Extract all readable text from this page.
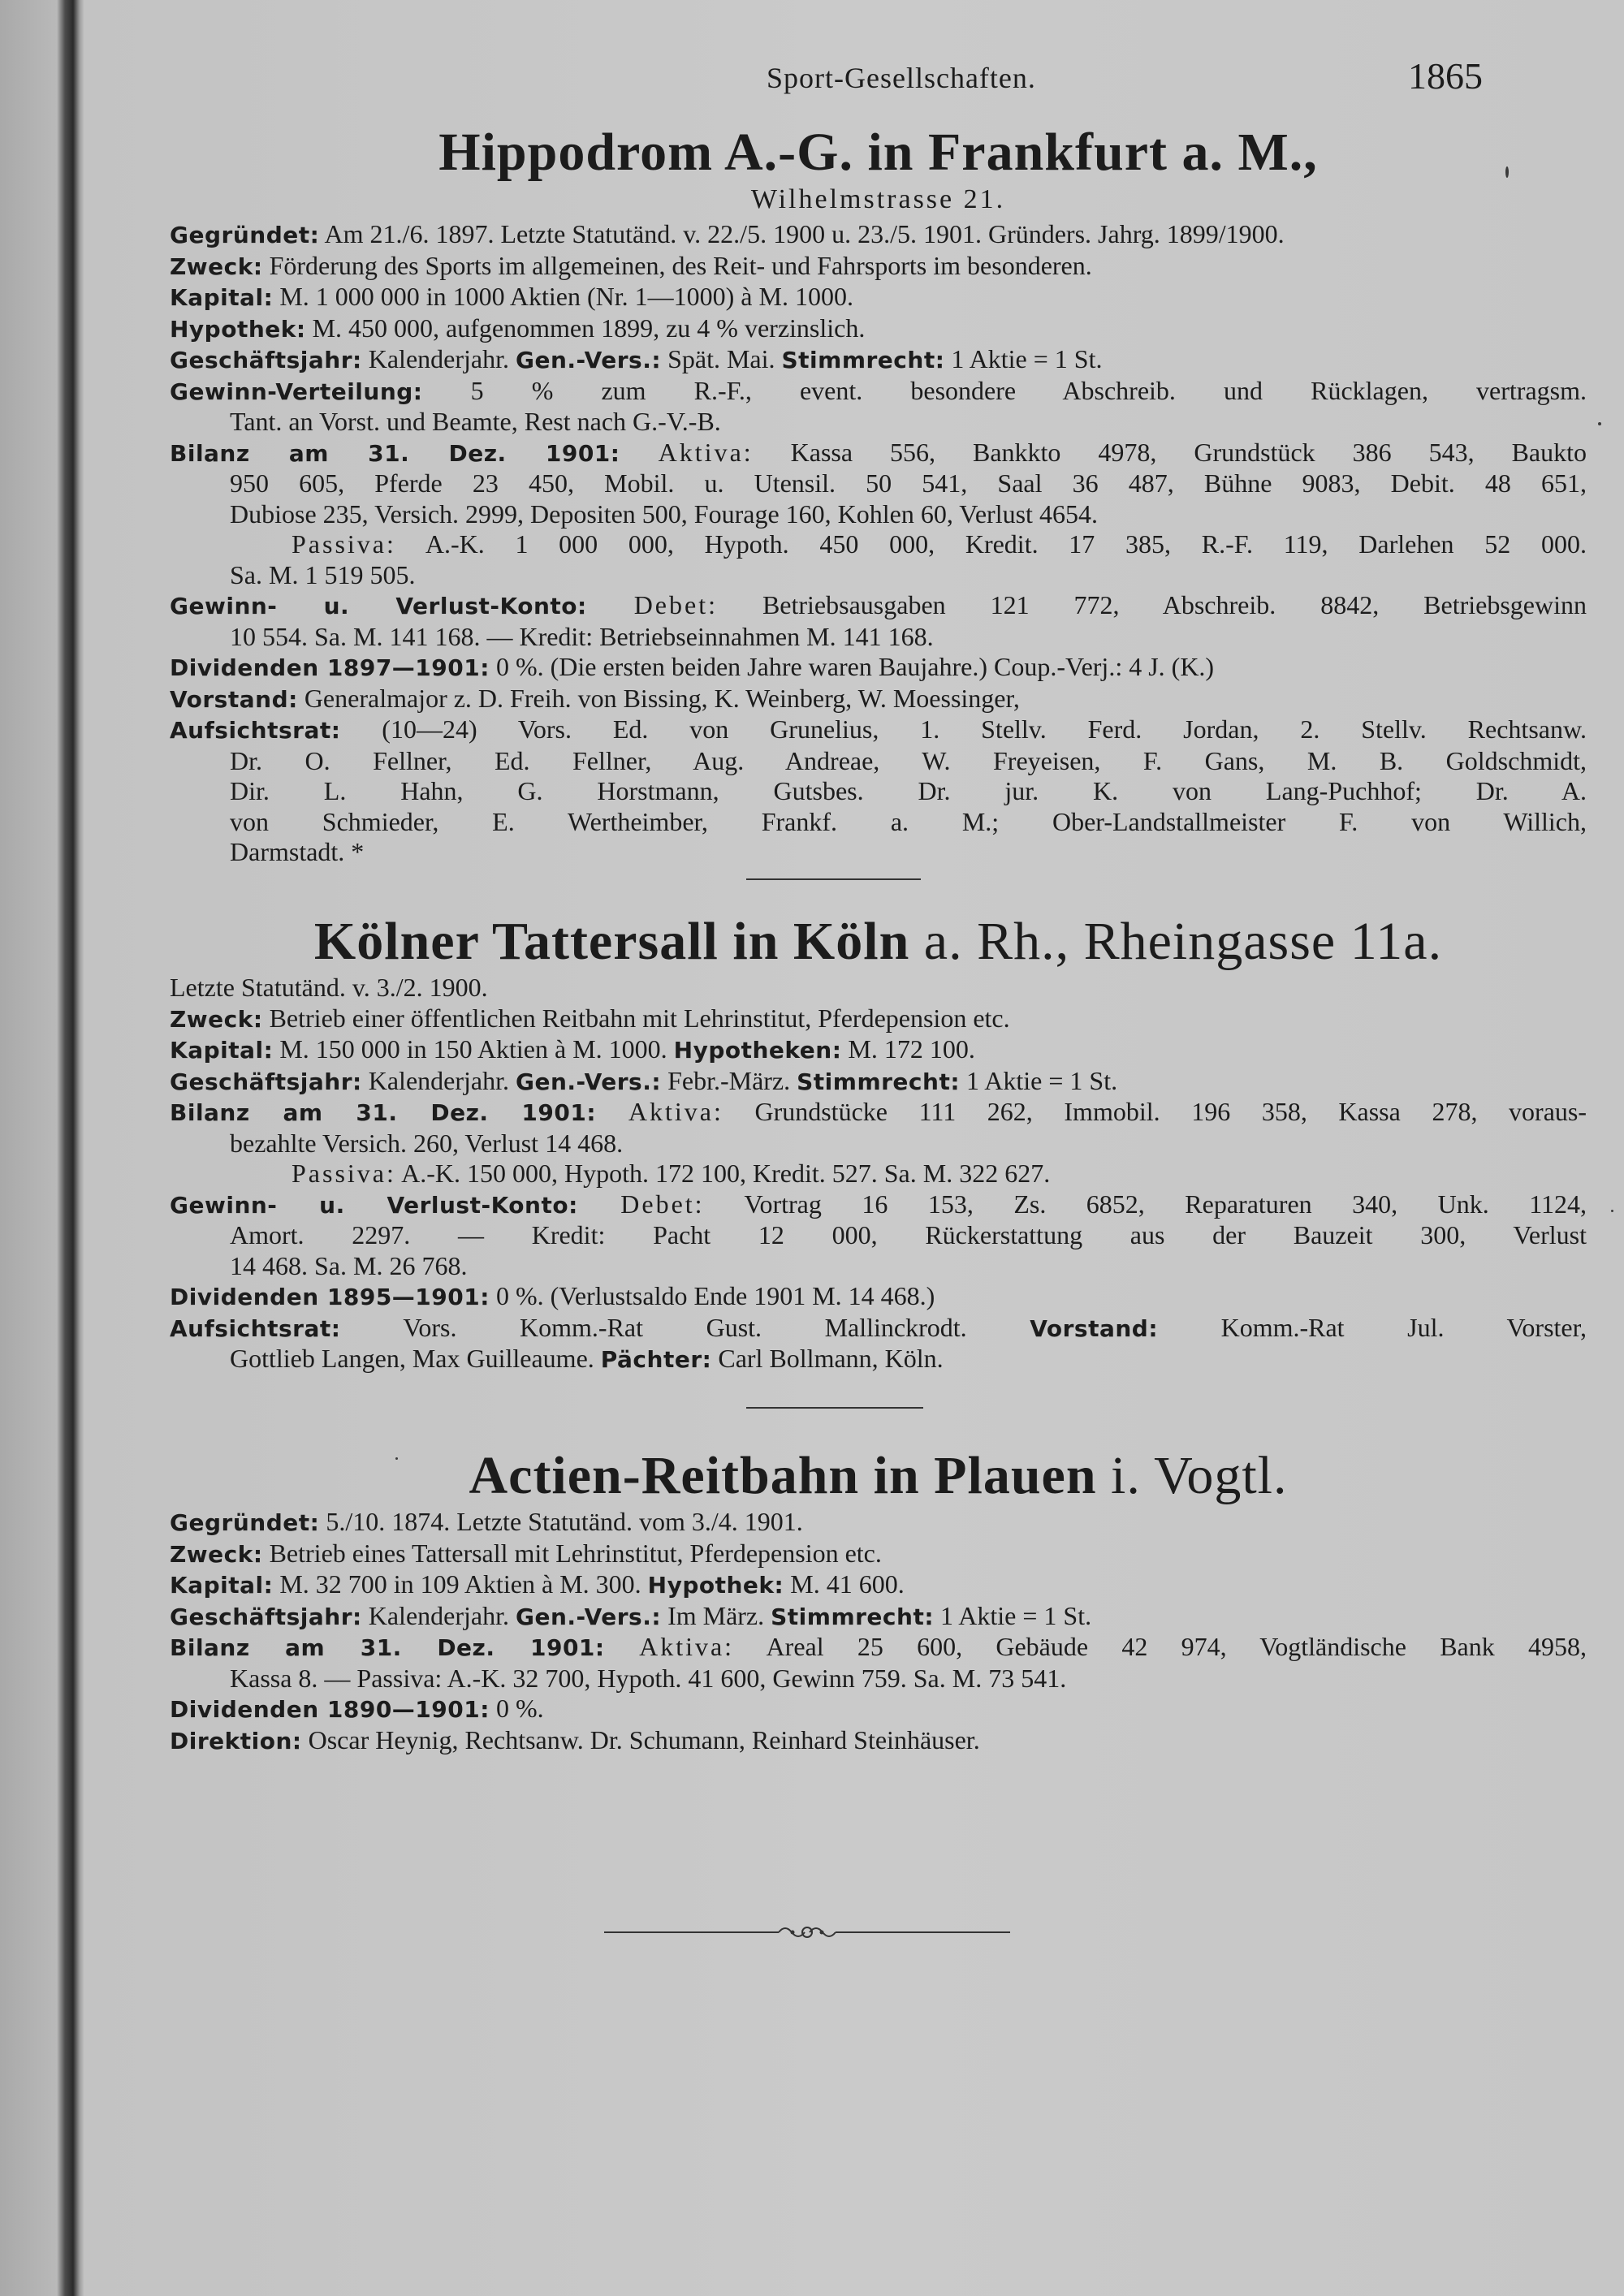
Sport-Gesellschaften.	1865
Hippodrom A.-G. in Frankfurt a. M.,
Wilhelmstrasse 21.
Gegründet: Am 21./6. 1897. Letzte Statutänd. v. 22./5. 1900 u. 23./5. 1901. Gründers. Jahrg. 1899/1900.
Zweck: Förderung des Sports im allgemeinen, des Reit- und Fahrsports im besonderen.
Kapital: M. 1 000 000 in 1000 Aktien (Nr. 1—1000) à M. 1000.
Hypothek: M. 450 000, aufgenommen 1899, zu 4 % verzinslich.
Geschäftsjahr: Kalenderjahr. Gen.-Vers.: Spät. Mai. Stimmrecht: 1 Aktie = 1 St.
Gewinn-Verteilung: 5 % zum R.-F., event. besondere Abschreib. und Rücklagen, vertragsm.
Tant. an Vorst. und Beamte, Rest nach G.-V.-B.
Bilanz am 31. Dez. 1901: Aktiva: Kassa 556, Bankkto 4978, Grundstück 386 543, Baukto
950 605, Pferde 23 450, Mobil. u. Utensil. 50 541, Saal 36 487, Bühne 9083, Debit. 48 651,
Dubiose 235, Versich. 2999, Depositen 500, Fourage 160, Kohlen 60, Verlust 4654.
Passiva: A.-K. 1 000 000, Hypoth. 450 000, Kredit. 17 385, R.-F. 119, Darlehen 52 000.
Sa. M. 1 519 505.
Gewinn- u. Verlust-Konto: Debet: Betriebsausgaben 121 772, Abschreib. 8842, Betriebsgewinn
10 554. Sa. M. 141 168. — Kredit: Betriebseinnahmen M. 141 168.
Dividenden 1897—1901: 0 %. (Die ersten beiden Jahre waren Baujahre.) Coup.-Verj.: 4 J. (K.)
Vorstand: Generalmajor z. D. Freih. von Bissing, K. Weinberg, W. Moessinger,
Aufsichtsrat: (10—24) Vors. Ed. von Grunelius, 1. Stellv. Ferd. Jordan, 2. Stellv. Rechtsanw.
Dr. O. Fellner, Ed. Fellner, Aug. Andreae, W. Freyeisen, F. Gans, M. B. Goldschmidt,
Dir. L. Hahn, G. Horstmann, Gutsbes. Dr. jur. K. von Lang-Puchhof; Dr. A.
von Schmieder, E. Wertheimber, Frankf. a. M.; Ober-Landstallmeister F. von Willich,
Darmstadt. *
Kölner Tattersall in Köln a. Rh., Rheingasse 11a.
Letzte Statutänd. v. 3./2. 1900.
Zweck: Betrieb einer öffentlichen Reitbahn mit Lehrinstitut, Pferdepension etc.
Kapital: M. 150 000 in 150 Aktien à M. 1000. Hypotheken: M. 172 100.
Geschäftsjahr: Kalenderjahr. Gen.-Vers.: Febr.-März. Stimmrecht: 1 Aktie = 1 St.
Bilanz am 31. Dez. 1901: Aktiva: Grundstücke 111 262, Immobil. 196 358, Kassa 278, voraus-
bezahlte Versich. 260, Verlust 14 468.
Passiva: A.-K. 150 000, Hypoth. 172 100, Kredit. 527. Sa. M. 322 627.
Gewinn- u. Verlust-Konto: Debet: Vortrag 16 153, Zs. 6852, Reparaturen 340, Unk. 1124,
Amort. 2297. — Kredit: Pacht 12 000, Rückerstattung aus der Bauzeit 300, Verlust
14 468. Sa. M. 26 768.
Dividenden 1895—1901: 0 %. (Verlustsaldo Ende 1901 M. 14 468.)
Aufsichtsrat: Vors. Komm.-Rat Gust. Mallinckrodt. Vorstand: Komm.-Rat Jul. Vorster,
Gottlieb Langen, Max Guilleaume. Pächter: Carl Bollmann, Köln.
Actien-Reitbahn in Plauen i. Vogtl.
Gegründet: 5./10. 1874. Letzte Statutänd. vom 3./4. 1901.
Zweck: Betrieb eines Tattersall mit Lehrinstitut, Pferdepension etc.
Kapital: M. 32 700 in 109 Aktien à M. 300. Hypothek: M. 41 600.
Geschäftsjahr: Kalenderjahr. Gen.-Vers.: Im März. Stimmrecht: 1 Aktie = 1 St.
Bilanz am 31. Dez. 1901: Aktiva: Areal 25 600, Gebäude 42 974, Vogtländische Bank 4958,
Kassa 8. — Passiva: A.-K. 32 700, Hypoth. 41 600, Gewinn 759. Sa. M. 73 541.
Dividenden 1890—1901: 0 %.
Direktion: Oscar Heynig, Rechtsanw. Dr. Schumann, Reinhard Steinhäuser.
